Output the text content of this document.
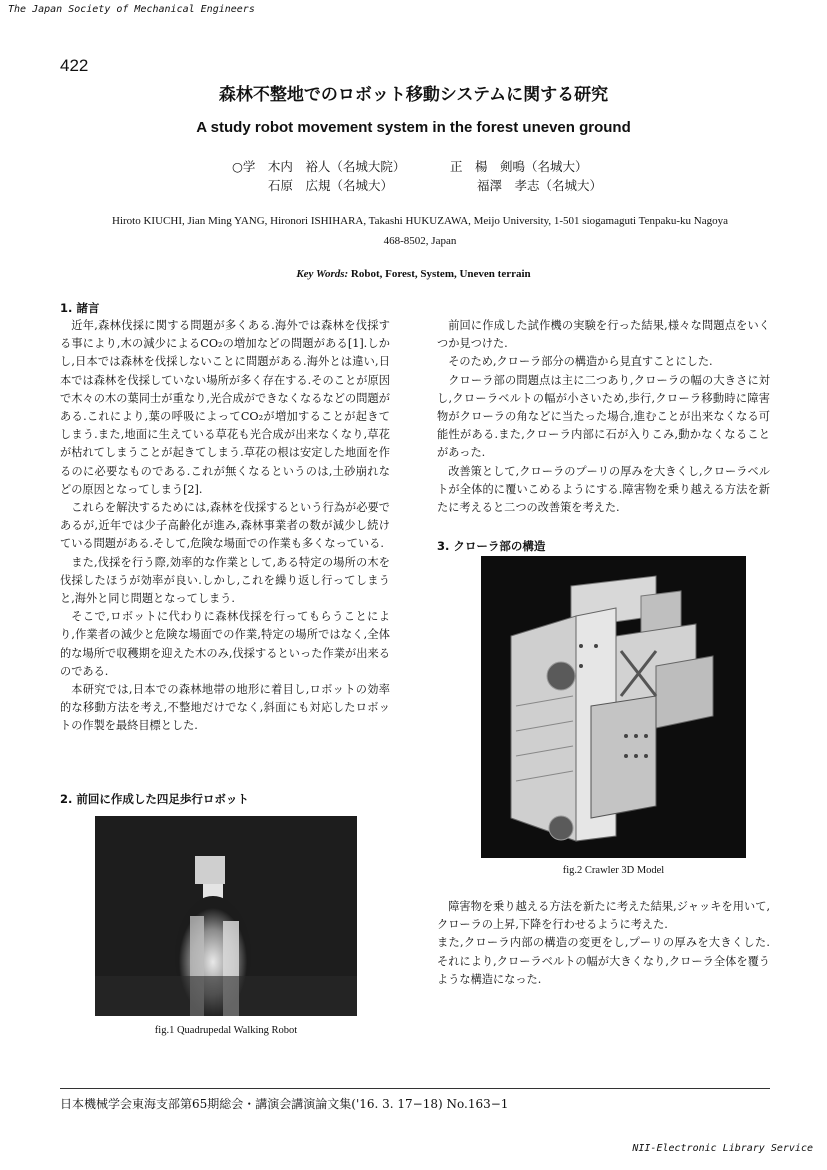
The Japan Society of Mechanical Engineers
422
森林不整地でのロボット移動システムに関する研究
A study robot movement system in the forest uneven ground
○学　木内　裕人（名城大院）	正　楊　剣鳴（名城大）
石原　広規（名城大）	福澤　孝志（名城大）
Hiroto KIUCHI, Jian Ming YANG, Hironori ISHIHARA, Takashi HUKUZAWA, Meijo University, 1-501 siogamaguti Tenpaku-ku Nagoya
468-8502, Japan
Key Words: Robot, Forest, System, Uneven terrain
1. 諸言

近年,森林伐採に関する問題が多くある.海外では森林を伐採する事により,木の減少によるCO₂の増加などの問題がある[1].しかし,日本では森林を伐採しないことに問題がある.海外とは違い,日本では森林を伐採していない場所が多く存在する.そのことが原因で木々の木の葉同士が重なり,光合成ができなくなるなどの問題がある.これにより,葉の呼吸によってCO₂が増加することが起きてしまう.また,地面に生えている草花も光合成が出来なくなり,草花が枯れてしまうことが起きてしまう.草花の根は安定した地面を作るのに必要なものである.これが無くなるというのは,土砂崩れなどの原因となってしまう[2].

これらを解決するためには,森林を伐採するという行為が必要であるが,近年では少子高齢化が進み,森林事業者の数が減少し続けている問題がある.そして,危険な場面での作業も多くなっている.

また,伐採を行う際,効率的な作業として,ある特定の場所の木を伐採したほうが効率が良い.しかし,これを繰り返し行ってしまうと,海外と同じ問題となってしまう.

そこで,ロボットに代わりに森林伐採を行ってもらうことにより,作業者の減少と危険な場面での作業,特定の場所ではなく,全体的な場所で収穫期を迎えた木のみ,伐採するといった作業が出来るのである.

本研究では,日本での森林地帯の地形に着目し,ロボットの効率的な移動方法を考え,不整地だけでなく,斜面にも対応したロボットの作製を最終目標とした.

2. 前回に作成した四足歩行ロボット
fig.1 Quadrupedal Walking Robot

前回に作成した試作機の実験を行った結果,様々な問題点をいくつか見つけた.

そのため,クローラ部分の構造から見直すことにした.

クローラ部の問題点は主に二つあり,クローラの幅の大きさに対し,クローラベルトの幅が小さいため,歩行,クローラ移動時に障害物がクローラの角などに当たった場合,進むことが出来なくなる可能性がある.また,クローラ内部に石が入りこみ,動かなくなることがあった.

改善策として,クローラのプーリの厚みを大きくし,クローラベルトが全体的に覆いこめるようにする.障害物を乗り越える方法を新たに考えると二つの改善策を考えた.

3. クローラ部の構造
fig.2 Crawler 3D Model

障害物を乗り越える方法を新たに考えた結果,ジャッキを用いて,クローラの上昇,下降を行わせるように考えた.

また,クローラ内部の構造の変更をし,プーリの厚みを大きくした.それにより,クローラベルトの幅が大きくなり,クローラ全体を覆うような構造になった.

日本機械学会東海支部第65期総会・講演会講演論文集('16. 3. 17−18) No.163−1
NII-Electronic Library Service
